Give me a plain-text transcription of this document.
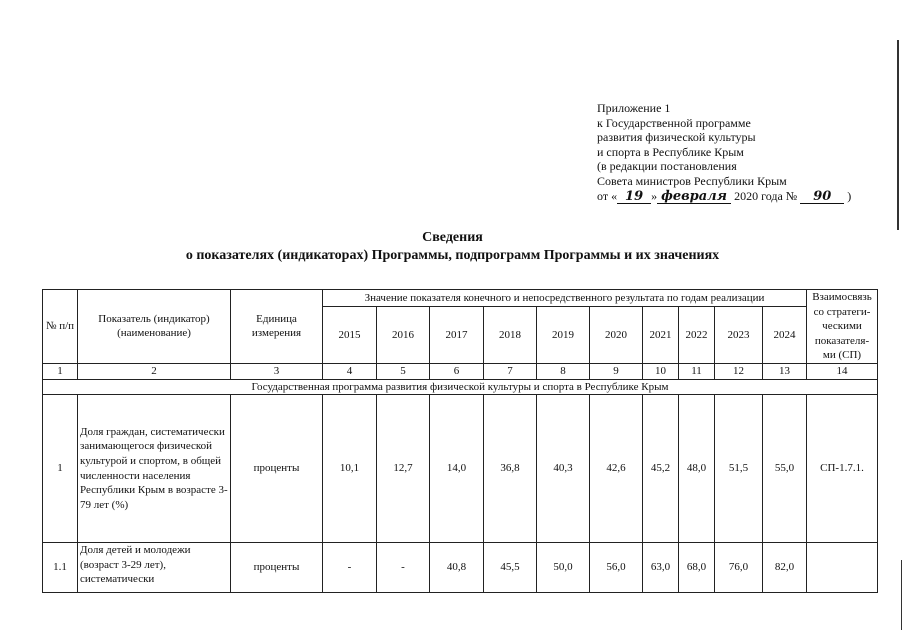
Приложение 1
к Государственной программе
развития физической культуры
и спорта в Республике Крым
(в редакции постановления
Совета министров Республики Крым
от « 19 » февраля 2020 года № 90 )
Сведения
о показателях (индикаторах) Программы, подпрограмм Программы и их значениях
№ п/п	Показатель (индикатор) (наименование)	Единица измерения	Значение показателя конечного и непосредственного результата по годам реализации										Взаимосвязь со стратеги-ческими показателя-ми (СП)
			2015	2016	2017	2018	2019	2020	2021	2022	2023	2024	
1	2	3	4	5	6	7	8	9	10	11	12	13	14
Государственная программа развития физической культуры и спорта в Республике Крым													
1	Доля граждан, систематически занимающегося физической культурой и спортом, в общей численности населения Республики Крым в возрасте 3-79 лет (%)	проценты	10,1	12,7	14,0	36,8	40,3	42,6	45,2	48,0	51,5	55,0	СП-1.7.1.
1.1	Доля детей и молодежи (возраст 3-29 лет), систематически	проценты	-	-	40,8	45,5	50,0	56,0	63,0	68,0	76,0	82,0	
